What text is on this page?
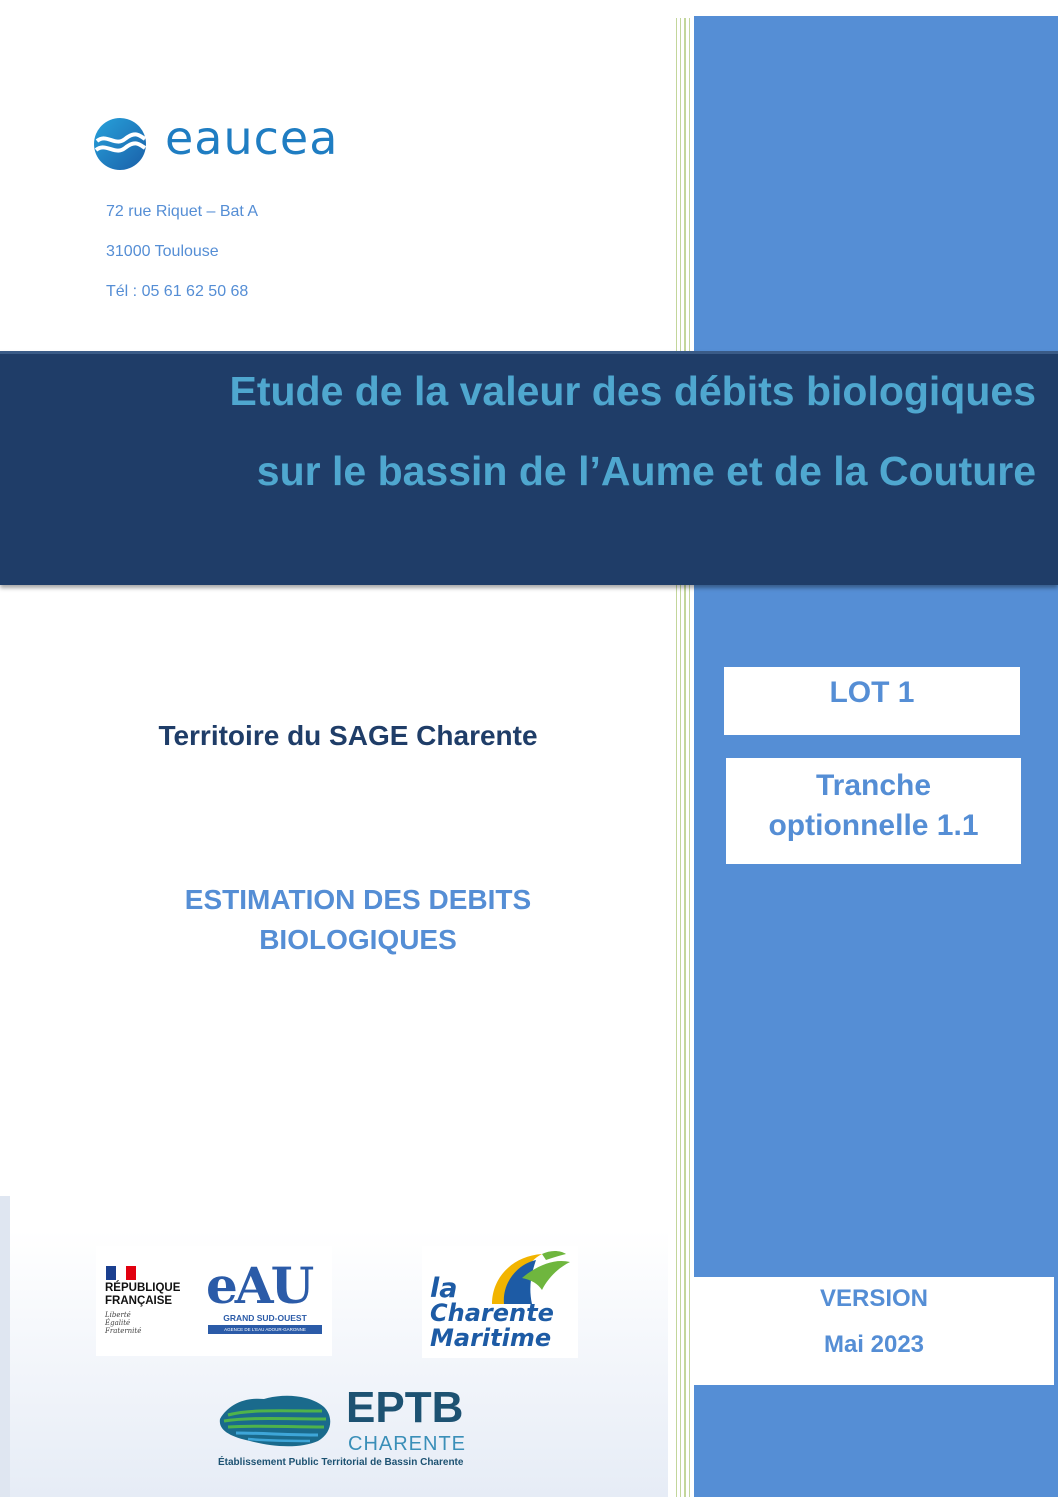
eaucea
72 rue Riquet – Bat A
31000 Toulouse
Tél : 05 61 62 50 68
Etude de la valeur des débits biologiques
sur le bassin de l’Aume et de la Couture
Territoire du SAGE Charente
ESTIMATION DES DEBITS
BIOLOGIQUES
LOT 1
Tranche
optionnelle 1.1
VERSION
Mai 2023
RÉPUBLIQUE
FRANÇAISE
Liberté
Égalité
Fraternité
eAU
GRAND SUD-OUEST
AGENCE DE L'EAU ADOUR-GARONNE
la
Charente
Maritime
EPTB
CHARENTE
Établissement Public Territorial de Bassin Charente
